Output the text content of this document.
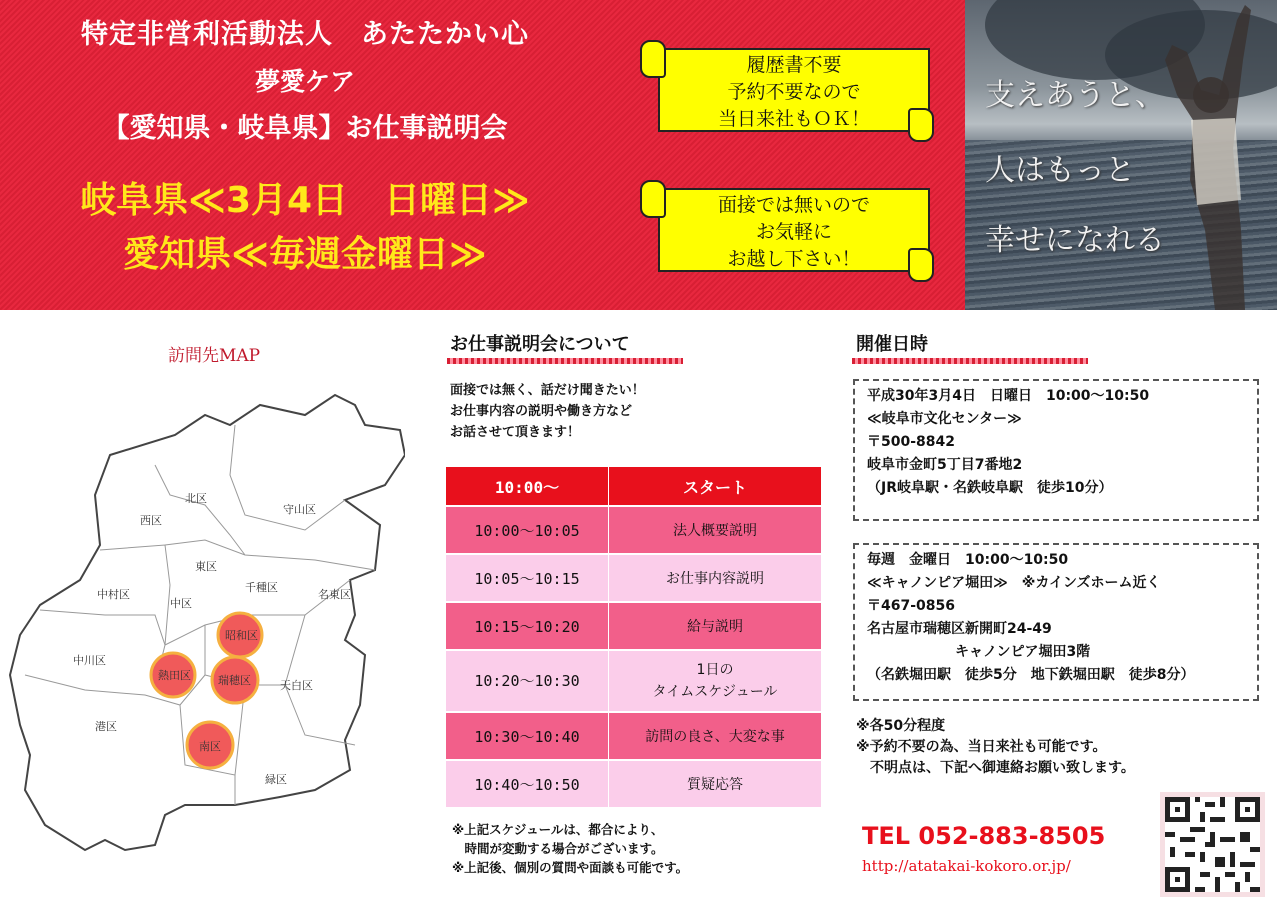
特定非営利活動法人　あたたかい心
夢愛ケア
【愛知県・岐阜県】お仕事説明会
岐阜県≪3月4日　日曜日≫
愛知県≪毎週金曜日≫
履歴書不要
予約不要なので
当日来社もＯＫ！
面接では無いので
お気軽に
お越し下さい！
支えあうと、
人はもっと
幸せになれる
訪問先MAP
北区
守山区
西区
東区
千種区
名東区
中村区
中区
昭和区
中川区
熱田区 瑞穂区	天白区
港区
南区
緑区
お仕事説明会について
面接では無く、話だけ聞きたい！
お仕事内容の説明や働き方など
お話させて頂きます！
10:00～	スタート
10:00～10:05	法人概要説明
10:05～10:15	お仕事内容説明
10:15～10:20	給与説明
10:20～10:30	1日の
タイムスケジュール

10:30～10:40	訪問の良さ、大変な事
10:40～10:50	質疑応答
※上記スケジュールは、都合により、
　時間が変動する場合がございます。
※上記後、個別の質問や面談も可能です。
開催日時
平成30年3月4日　日曜日　10:00～10:50
≪岐阜市文化センター≫
〒500-8842
岐阜市金町5丁目7番地2
（JR岐阜駅・名鉄岐阜駅　徒歩10分）
毎週　金曜日　10:00～10:50
≪キャノンピア堀田≫　※カインズホーム近く
〒467-0856
名古屋市瑞穂区新開町24-49
キャノンピア堀田3階
（名鉄堀田駅　徒歩5分　地下鉄堀田駅　徒歩8分）
※各50分程度
※予約不要の為、当日来社も可能です。
　不明点は、下記へ御連絡お願い致します。
TEL 052-883-8505
http://atatakai-kokoro.or.jp/
